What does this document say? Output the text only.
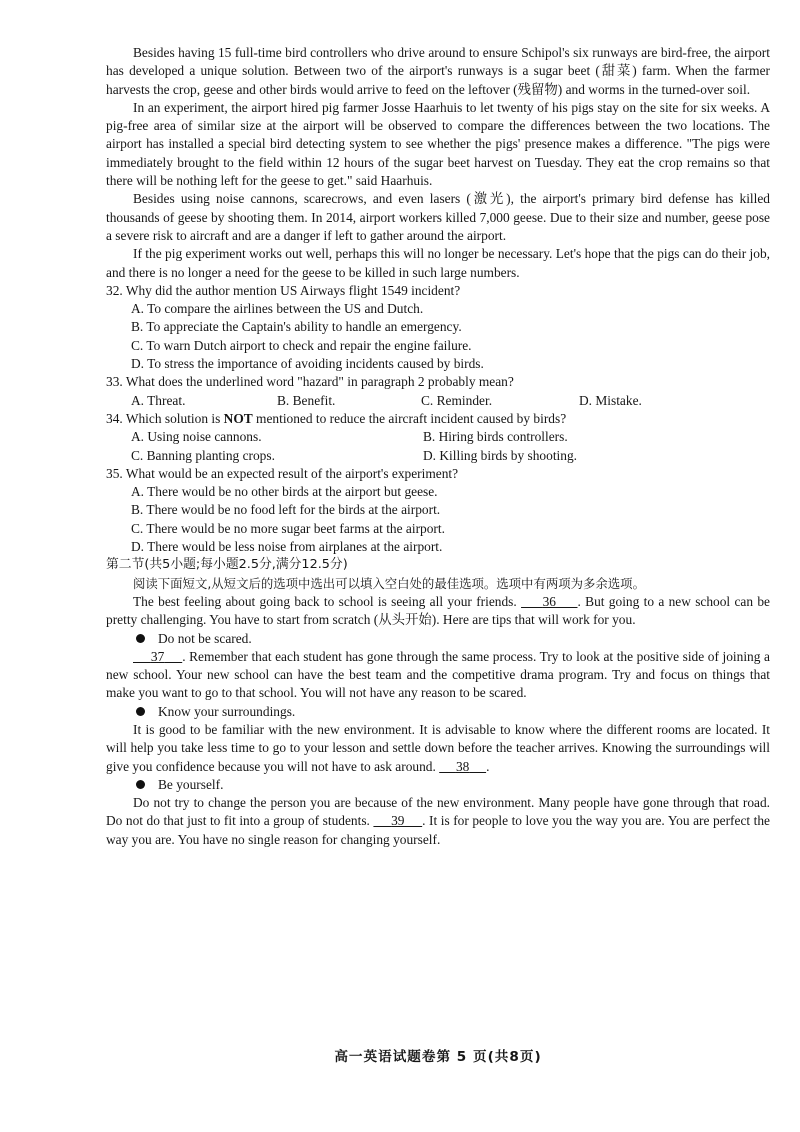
Besides having 15 full-time bird controllers who drive around to ensure Schipol's six runways are bird-free, the airport has developed a unique solution. Between two of the airport's runways is a sugar beet (甜菜) farm. When the farmer harvests the crop, geese and other birds would arrive to feed on the leftover (残留物) and worms in the turned-over soil.

In an experiment, the airport hired pig farmer Josse Haarhuis to let twenty of his pigs stay on the site for six weeks. A pig-free area of similar size at the airport will be observed to compare the differences between the two locations. The airport has installed a special bird detecting system to see whether the pigs' presence makes a difference. "The pigs were immediately brought to the field within 12 hours of the sugar beet harvest on Tuesday. They eat the crop remains so that there will be nothing left for the geese to get." said Haarhuis.

Besides using noise cannons, scarecrows, and even lasers (激光), the airport's primary bird defense has killed thousands of geese by shooting them. In 2014, airport workers killed 7,000 geese. Due to their size and number, geese pose a severe risk to aircraft and are a danger if left to gather around the airport.

If the pig experiment works out well, perhaps this will no longer be necessary. Let's hope that the pigs can do their job, and there is no longer a need for the geese to be killed in such large numbers.

32. Why did the author mention US Airways flight 1549 incident?

A. To compare the airlines between the US and Dutch.

B. To appreciate the Captain's ability to handle an emergency.

C. To warn Dutch airport to check and repair the engine failure.

D. To stress the importance of avoiding incidents caused by birds.

33. What does the underlined word "hazard" in paragraph 2 probably mean?

A. Threat.	B. Benefit.	C. Reminder.	D. Mistake.

34. Which solution is NOT mentioned to reduce the aircraft incident caused by birds?

A. Using noise cannons.	B. Hiring birds controllers.
C. Banning planting crops.	D. Killing birds by shooting.

35. What would be an expected result of the airport's experiment?

A. There would be no other birds at the airport but geese.

B. There would be no food left for the birds at the airport.

C. There would be no more sugar beet farms at the airport.

D. There would be less noise from airplanes at the airport.

第二节(共5小题;每小题2.5分,满分12.5分)

阅读下面短文,从短文后的选项中选出可以填入空白处的最佳选项。选项中有两项为多余选项。

The best feeling about going back to school is seeing all your friends. 36 . But going to a new school can be pretty challenging. You have to start from scratch (从头开始). Here are tips that will work for you.

Do not be scared.

37 . Remember that each student has gone through the same process. Try to look at the positive side of joining a new school. Your new school can have the best team and the competitive drama program. Try and focus on things that make you want to go to that school. You will not have any reason to be scared.

Know your surroundings.

It is good to be familiar with the new environment. It is advisable to know where the different rooms are located. It will help you take less time to go to your lesson and settle down before the teacher arrives. Knowing the surroundings will give you confidence because you will not have to ask around. 38 .

Be yourself.

Do not try to change the person you are because of the new environment. Many people have gone through that road. Do not do that just to fit into a group of students. 39 . It is for people to love you the way you are. You are perfect the way you are. You have no single reason for changing yourself.

高一英语试题卷第 5 页(共8页)
